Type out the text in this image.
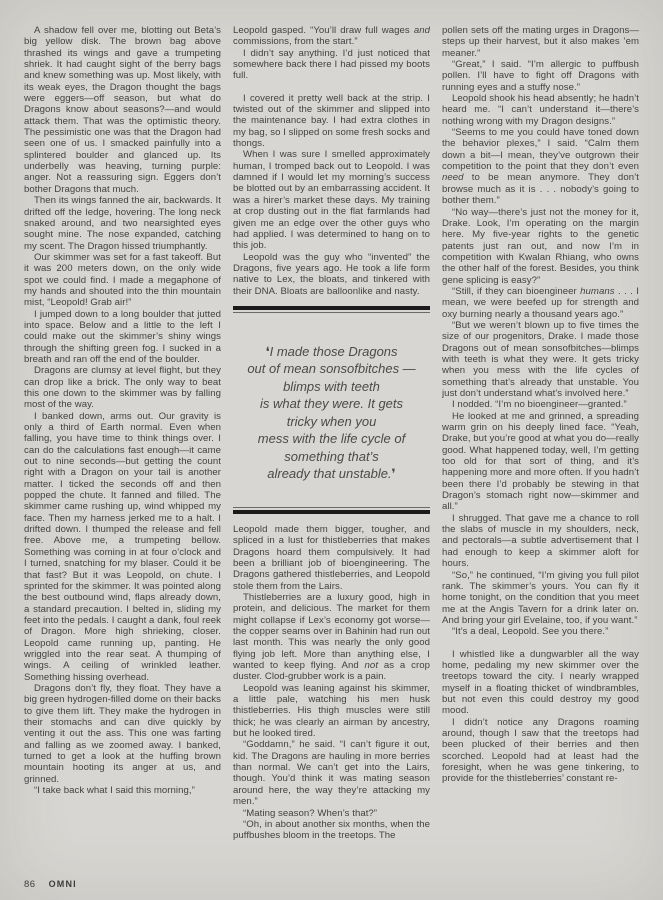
A shadow fell over me, blotting out Beta’s big yellow disk. The brown bag above thrashed its wings and gave a trumpeting shriek. It had caught sight of the berry bags and knew something was up. Most likely, with its weak eyes, the Dragon thought the bags were eggers—off season, but what do Dragons know about seasons?—and would attack them. That was the optimistic theory. The pessimistic one was that the Dragon had seen one of us. I smacked painfully into a splintered boulder and glanced up. Its underbelly was heaving, turning purple: anger. Not a reassuring sign. Eggers don’t bother Dragons that much.

Then its wings fanned the air, backwards. It drifted off the ledge, hovering. The long neck snaked around, and two nearsighted eyes sought mine. The nose expanded, catching my scent. The Dragon hissed triumphantly.

Our skimmer was set for a fast takeoff. But it was 200 meters down, on the only wide spot we could find. I made a megaphone of my hands and shouted into the thin mountain mist, “Leopold! Grab air!”

I jumped down to a long boulder that jutted into space. Below and a little to the left I could make out the skimmer’s shiny wings through the shifting green fog. I sucked in a breath and ran off the end of the boulder.

Dragons are clumsy at level flight, but they can drop like a brick. The only way to beat this one down to the skimmer was by falling most of the way.

I banked down, arms out. Our gravity is only a third of Earth normal. Even when falling, you have time to think things over. I can do the calculations fast enough—it came out to nine seconds—but getting the count right with a Dragon on your tail is another matter. I ticked the seconds off and then popped the chute. It fanned and filled. The skimmer came rushing up, wind whipped my face. Then my harness jerked me to a halt. I drifted down. I thumped the release and fell free. Above me, a trumpeting bellow. Something was coming in at four o’clock and I turned, snatching for my blaser. Could it be that fast? But it was Leopold, on chute. I sprinted for the skimmer. It was pointed along the best outbound wind, flaps already down, a standard precaution. I belted in, sliding my feet into the pedals. I caught a dank, foul reek of Dragon. More high shrieking, closer. Leopold came running up, panting. He wriggled into the rear seat. A thumping of wings. A ceiling of wrinkled leather. Something hissing overhead.

Dragons don’t fly, they float. They have a big green hydrogen-filled dome on their backs to give them lift. They make the hydrogen in their stomachs and can dive quickly by venting it out the ass. This one was farting and falling as we zoomed away. I banked, turned to get a look at the huffing brown mountain hooting its anger at us, and grinned.

“I take back what I said this morning,”

Leopold gasped. “You’ll draw full wages and commissions, from the start.”

I didn’t say anything. I’d just noticed that somewhere back there I had pissed my boots full.

I covered it pretty well back at the strip. I twisted out of the skimmer and slipped into the maintenance bay. I had extra clothes in my bag, so I slipped on some fresh socks and thongs.

When I was sure I smelled approximately human, I tromped back out to Leopold. I was damned if I would let my morning’s success be blotted out by an embarrassing accident. It was a hirer’s market these days. My training at crop dusting out in the flat farmlands had given me an edge over the other guys who had applied. I was determined to hang on to this job.

Leopold was the guy who “invented” the Dragons, five years ago. He took a life form native to Lex, the bloats, and tinkered with their DNA. Bloats are balloonlike and nasty.

❛I made those Dragons
out of mean sonsofbitches —
blimps with teeth
is what they were. It gets
tricky when you
mess with the life cycle of
something that’s
already that unstable.❜

Leopold made them bigger, tougher, and spliced in a lust for thistleberries that makes Dragons hoard them compulsively. It had been a brilliant job of bioengineering. The Dragons gathered thistleberries, and Leopold stole them from the Lairs.

Thistleberries are a luxury good, high in protein, and delicious. The market for them might collapse if Lex’s economy got worse—the copper seams over in Bahinin had run out last month. This was nearly the only good flying job left. More than anything else, I wanted to keep flying. And not as a crop duster. Clod-grubber work is a pain.

Leopold was leaning against his skimmer, a little pale, watching his men husk thistleberries. His thigh muscles were still thick; he was clearly an airman by ancestry, but he looked tired.

“Goddamn,” he said. “I can’t figure it out, kid. The Dragons are hauling in more berries than normal. We can’t get into the Lairs, though. You’d think it was mating season around here, the way they’re attacking my men.”

“Mating season? When’s that?”

“Oh, in about another six months, when the puffbushes bloom in the treetops. The

pollen sets off the mating urges in Dragons—steps up their harvest, but it also makes ’em meaner.”

“Great,” I said. “I’m allergic to puffbush pollen. I’ll have to fight off Dragons with running eyes and a stuffy nose.”

Leopold shook his head absently; he hadn’t heard me. “I can’t understand it—there’s nothing wrong with my Dragon designs.”

“Seems to me you could have toned down the behavior plexes,” I said. “Calm them down a bit—I mean, they’ve outgrown their competition to the point that they don’t even need to be mean anymore. They don’t browse much as it is . . . nobody’s going to bother them.”

“No way—there’s just not the money for it, Drake. Look, I’m operating on the margin here. My five-year rights to the genetic patents just ran out, and now I’m in competition with Kwalan Rhiang, who owns the other half of the forest. Besides, you think gene splicing is easy?”

“Still, if they can bioengineer humans . . . I mean, we were beefed up for strength and oxy burning nearly a thousand years ago.”

“But we weren’t blown up to five times the size of our progenitors, Drake. I made those Dragons out of mean sonsofbitches—blimps with teeth is what they were. It gets tricky when you mess with the life cycles of something that’s already that unstable. You just don’t understand what’s involved here.”

I nodded. “I’m no bioengineer—granted.”

He looked at me and grinned, a spreading warm grin on his deeply lined face. “Yeah, Drake, but you’re good at what you do—really good. What happened today, well, I’m getting too old for that sort of thing, and it’s happening more and more often. If you hadn’t been there I’d probably be stewing in that Dragon’s stomach right now—skimmer and all.”

I shrugged. That gave me a chance to roll the slabs of muscle in my shoulders, neck, and pectorals—a subtle advertisement that I had enough to keep a skimmer aloft for hours.

“So,” he continued, “I’m giving you full pilot rank. The skimmer’s yours. You can fly it home tonight, on the condition that you meet me at the Angis Tavern for a drink later on. And bring your girl Evelaine, too, if you want.”

“It’s a deal, Leopold. See you there.”

I whistled like a dungwarbler all the way home, pedaling my new skimmer over the treetops toward the city. I nearly wrapped myself in a floating thicket of windbrambles, but not even this could destroy my good mood.

I didn’t notice any Dragons roaming around, though I saw that the treetops had been plucked of their berries and then scorched. Leopold had at least had the foresight, when he was gene tinkering, to provide for the thistleberries’ constant re-

86 OMNI
